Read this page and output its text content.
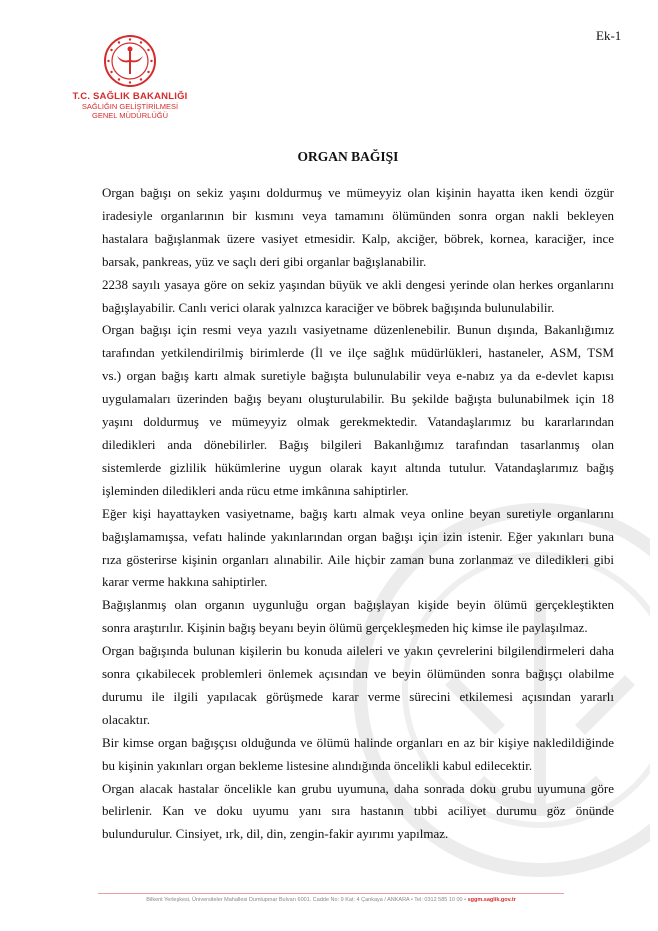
Ek-1
T.C. SAĞLIK BAKANLIĞI
SAĞLIĞIN GELİŞTİRİLMESİ
GENEL MÜDÜRLÜĞÜ
ORGAN BAĞIŞI
Organ bağışı on sekiz yaşını doldurmuş ve mümeyyiz olan kişinin hayatta iken kendi özgür
iradesiyle organlarının bir kısmını veya tamamını ölümünden sonra organ nakli bekleyen
hastalara bağışlanmak üzere vasiyet etmesidir. Kalp, akciğer, böbrek, kornea, karaciğer, ince
barsak, pankreas, yüz ve saçlı deri gibi organlar bağışlanabilir.
2238 sayılı yasaya göre on sekiz yaşından büyük ve akli dengesi yerinde olan herkes organlarını
bağışlayabilir. Canlı verici olarak yalnızca karaciğer ve böbrek bağışında bulunulabilir.
Organ bağışı için resmi veya yazılı vasiyetname düzenlenebilir. Bunun dışında, Bakanlığımız
tarafından yetkilendirilmiş birimlerde (İl ve ilçe sağlık müdürlükleri, hastaneler, ASM, TSM
vs.) organ bağış kartı almak suretiyle bağışta bulunulabilir veya e-nabız ya da e-devlet kapısı
uygulamaları üzerinden bağış beyanı oluşturulabilir. Bu şekilde bağışta bulunabilmek için 18
yaşını doldurmuş ve mümeyyiz olmak gerekmektedir. Vatandaşlarımız bu kararlarından
diledikleri anda dönebilirler. Bağış bilgileri Bakanlığımız tarafından tasarlanmış olan
sistemlerde gizlilik hükümlerine uygun olarak kayıt altında tutulur. Vatandaşlarımız bağış
işleminden diledikleri anda rücu etme imkânına sahiptirler.
Eğer kişi hayattayken vasiyetname, bağış kartı almak veya online beyan suretiyle organlarını
bağışlamamışsa, vefatı halinde yakınlarından organ bağışı için izin istenir. Eğer yakınları buna
rıza gösterirse kişinin organları alınabilir. Aile hiçbir zaman buna zorlanmaz ve diledikleri gibi
karar verme hakkına sahiptirler.
Bağışlanmış olan organın uygunluğu organ bağışlayan kişide beyin ölümü gerçekleştikten
sonra araştırılır. Kişinin bağış beyanı beyin ölümü gerçekleşmeden hiç kimse ile paylaşılmaz.
Organ bağışında bulunan kişilerin bu konuda aileleri ve yakın çevrelerini bilgilendirmeleri daha
sonra çıkabilecek problemleri önlemek açısından ve beyin ölümünden sonra bağışçı olabilme
durumu ile ilgili yapılacak görüşmede karar verme sürecini etkilemesi açısından yararlı
olacaktır.
Bir kimse organ bağışçısı olduğunda ve ölümü halinde organları en az bir kişiye nakledildiğinde
bu kişinin yakınları organ bekleme listesine alındığında öncelikli kabul edilecektir.
Organ alacak hastalar öncelikle kan grubu uyumuna, daha sonrada doku grubu uyumuna göre
belirlenir. Kan ve doku uyumu yanı sıra hastanın tıbbi aciliyet durumu göz önünde
bulundurulur. Cinsiyet, ırk, dil, din, zengin-fakir ayırımı yapılmaz.
Bilkent Yerleşkesi, Üniversiteler Mahallesi Dumlupınar Bulvarı 6001. Cadde No: 9 Kat: 4 Çankaya / ANKARA • Tel: 0312 585 10 00 • sggm.saglik.gov.tr
